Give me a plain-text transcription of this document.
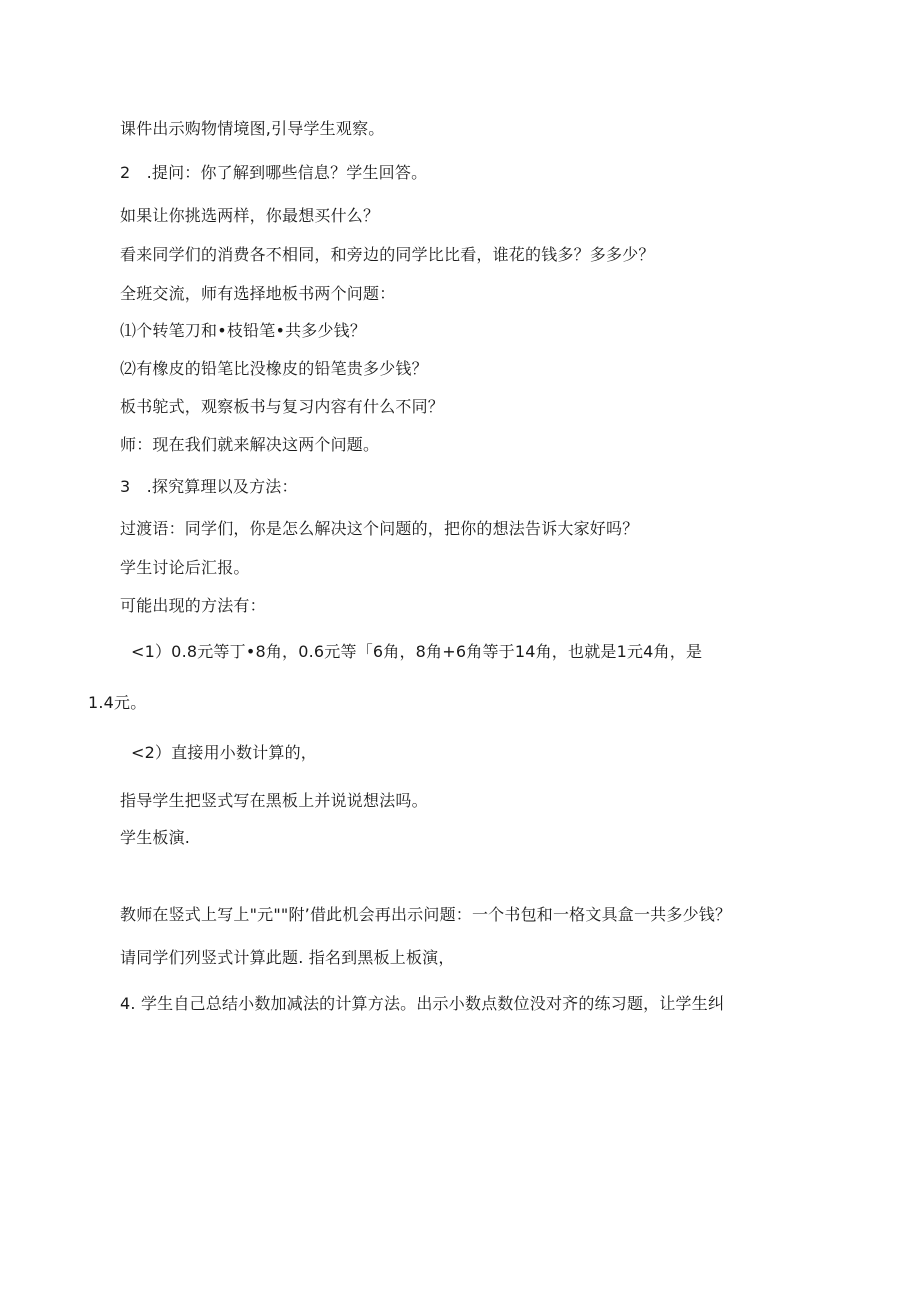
课件出示购物情境图,引导学生观察。
2　.提问：你了解到哪些信息？学生回答。
如果让你挑选两样，你最想买什么？
看来同学们的消费各不相同，和旁边的同学比比看，谁花的钱多？多多少？
全班交流，师有选择地板书两个问题：
⑴个转笔刀和•枝铅笔•共多少钱？
⑵有橡皮的铅笔比没橡皮的铅笔贵多少钱？
板书鸵式，观察板书与复习内容有什么不同？
师：现在我们就来解决这两个问题。
3　.探究算理以及方法：
过渡语：同学们，你是怎么解决这个问题的，把你的想法告诉大家好吗？
学生讨论后汇报。
可能出现的方法有：
<1）0.8元等丁•8角，0.6元等「6角，8角+6角等于14角，也就是1元4角，是
1.4元。
<2）直接用小数计算的，
指导学生把竖式写在黑板上并说说想法吗。
学生板演.
教师在竖式上写上"元""附’借此机会再出示问题：一个书包和一格文具盒一共多少钱？
请同学们列竖式计算此题. 指名到黑板上板演，
4. 学生自己总结小数加减法的计算方法。出示小数点数位没对齐的练习题，让学生纠
